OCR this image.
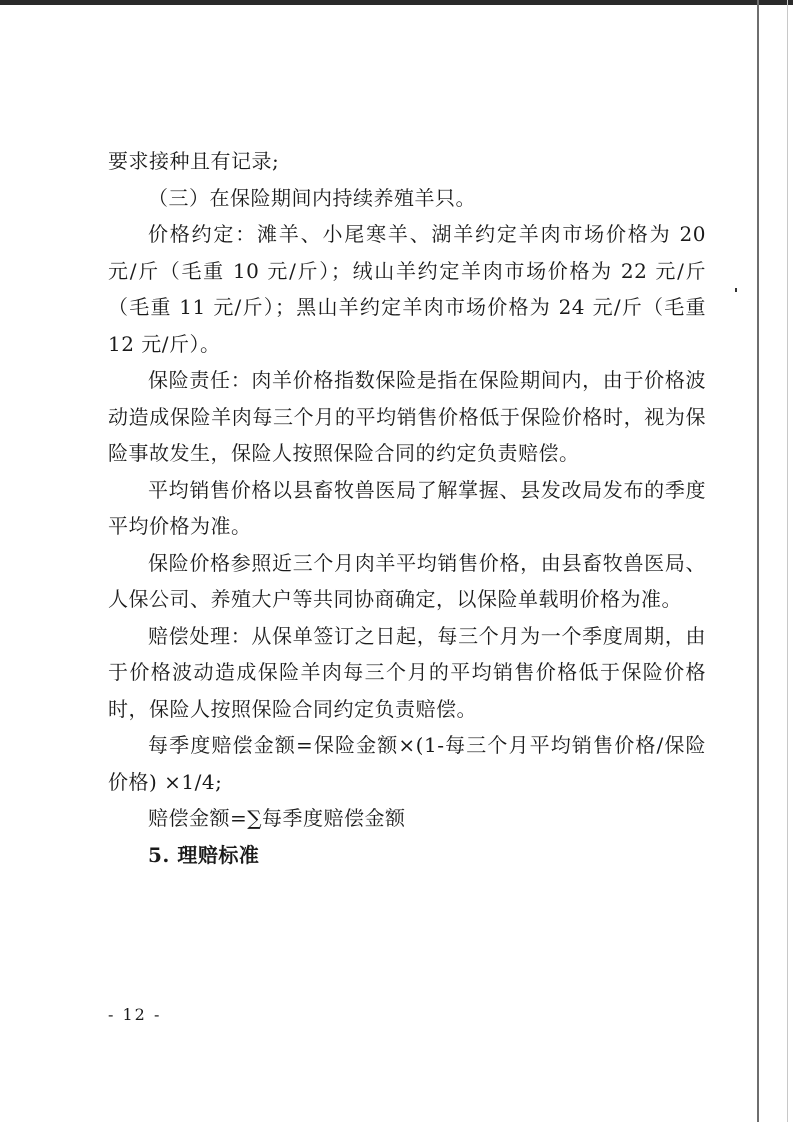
要求接种且有记录;

（三）在保险期间内持续养殖羊只。

价格约定：滩羊、小尾寒羊、湖羊约定羊肉市场价格为 20 元/斤（毛重 10 元/斤）；绒山羊约定羊肉市场价格为 22 元/斤（毛重 11 元/斤）；黑山羊约定羊肉市场价格为 24 元/斤（毛重 12 元/斤）。

保险责任：肉羊价格指数保险是指在保险期间内，由于价格波动造成保险羊肉每三个月的平均销售价格低于保险价格时，视为保险事故发生，保险人按照保险合同的约定负责赔偿。

平均销售价格以县畜牧兽医局了解掌握、县发改局发布的季度平均价格为准。

保险价格参照近三个月肉羊平均销售价格，由县畜牧兽医局、人保公司、养殖大户等共同协商确定，以保险单载明价格为准。

赔偿处理：从保单签订之日起，每三个月为一个季度周期，由于价格波动造成保险羊肉每三个月的平均销售价格低于保险价格时，保险人按照保险合同约定负责赔偿。

每季度赔偿金额=保险金额×(1-每三个月平均销售价格/保险价格) ×1/4;

赔偿金额=∑每季度赔偿金额

5. 理赔标准

- 12 -
